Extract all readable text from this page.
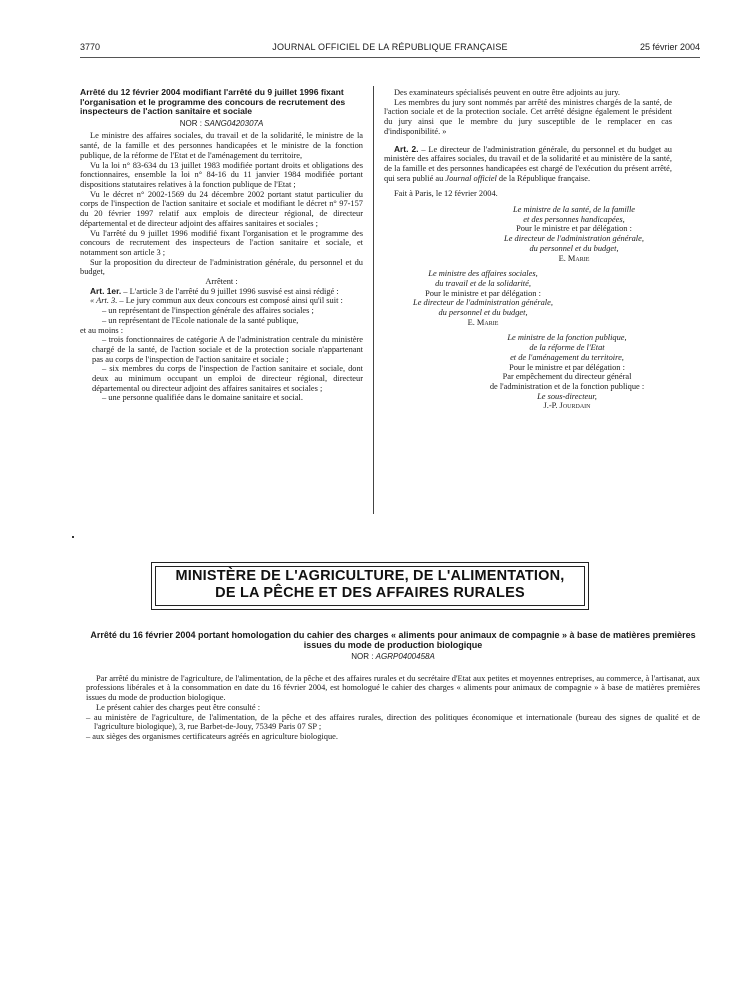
3770	JOURNAL OFFICIEL DE LA RÉPUBLIQUE FRANÇAISE	25 février 2004

Arrêté du 12 février 2004 modifiant l'arrêté du 9 juillet 1996 fixant l'organisation et le programme des concours de recrutement des inspecteurs de l'action sanitaire et sociale

NOR : SANG0420307A

Le ministre des affaires sociales, du travail et de la solidarité, le ministre de la santé, de la famille et des personnes handicapées et le ministre de la fonction publique, de la réforme de l'Etat et de l'aménagement du territoire,

Vu la loi n° 83-634 du 13 juillet 1983 modifiée portant droits et obligations des fonctionnaires, ensemble la loi n° 84-16 du 11 janvier 1984 modifiée portant dispositions statutaires relatives à la fonction publique de l'Etat ;

Vu le décret n° 2002-1569 du 24 décembre 2002 portant statut particulier du corps de l'inspection de l'action sanitaire et sociale et modifiant le décret n° 97-157 du 20 février 1997 relatif aux emplois de directeur régional, de directeur départemental et de directeur adjoint des affaires sanitaires et sociales ;

Vu l'arrêté du 9 juillet 1996 modifié fixant l'organisation et le programme des concours de recrutement des inspecteurs de l'action sanitaire et sociale, et notamment son article 3 ;

Sur la proposition du directeur de l'administration générale, du personnel et du budget,

Arrêtent :

Art. 1er. – L'article 3 de l'arrêté du 9 juillet 1996 susvisé est ainsi rédigé :

« Art. 3. – Le jury commun aux deux concours est composé ainsi qu'il suit :

– un représentant de l'inspection générale des affaires sociales ;

– un représentant de l'Ecole nationale de la santé publique,

et au moins :

– trois fonctionnaires de catégorie A de l'administration centrale du ministère chargé de la santé, de l'action sociale et de la protection sociale n'appartenant pas au corps de l'inspection de l'action sanitaire et sociale ;

– six membres du corps de l'inspection de l'action sanitaire et sociale, dont deux au minimum occupant un emploi de directeur régional, directeur départemental ou directeur adjoint des affaires sanitaires et sociales ;

– une personne qualifiée dans le domaine sanitaire et social.

Des examinateurs spécialisés peuvent en outre être adjoints au jury.

Les membres du jury sont nommés par arrêté des ministres chargés de la santé, de l'action sociale et de la protection sociale. Cet arrêté désigne également le président du jury ainsi que le membre du jury susceptible de le remplacer en cas d'indisponibilité. »

Art. 2. – Le directeur de l'administration générale, du personnel et du budget au ministère des affaires sociales, du travail et de la solidarité et au ministère de la santé, de la famille et des personnes handicapées est chargé de l'exécution du présent arrêté, qui sera publié au Journal officiel de la République française.

Fait à Paris, le 12 février 2004.

Le ministre de la santé, de la famille
et des personnes handicapées,
Pour le ministre et par délégation :
Le directeur de l'administration générale,
du personnel et du budget,
E. Marie
Le ministre des affaires sociales,
du travail et de la solidarité,
Pour le ministre et par délégation :
Le directeur de l'administration générale,
du personnel et du budget,
E. Marie
Le ministre de la fonction publique,
de la réforme de l'Etat
et de l'aménagement du territoire,
Pour le ministre et par délégation :
Par empêchement du directeur général
de l'administration et de la fonction publique :
Le sous-directeur,
J.-P. Jourdain
MINISTÈRE DE L'AGRICULTURE, DE L'ALIMENTATION,
DE LA PÊCHE ET DES AFFAIRES RURALES

Arrêté du 16 février 2004 portant homologation du cahier des charges « aliments pour animaux de compagnie » à base de matières premières issues du mode de production biologique

NOR : AGRP0400458A

Par arrêté du ministre de l'agriculture, de l'alimentation, de la pêche et des affaires rurales et du secrétaire d'Etat aux petites et moyennes entreprises, au commerce, à l'artisanat, aux professions libérales et à la consommation en date du 16 février 2004, est homologué le cahier des charges « aliments pour animaux de compagnie » à base de matières premières issues du mode de production biologique.

Le présent cahier des charges peut être consulté :

– au ministère de l'agriculture, de l'alimentation, de la pêche et des affaires rurales, direction des politiques économique et internationale (bureau des signes de qualité et de l'agriculture biologique), 3, rue Barbet-de-Jouy, 75349 Paris 07 SP ;

– aux sièges des organismes certificateurs agréés en agriculture biologique.
